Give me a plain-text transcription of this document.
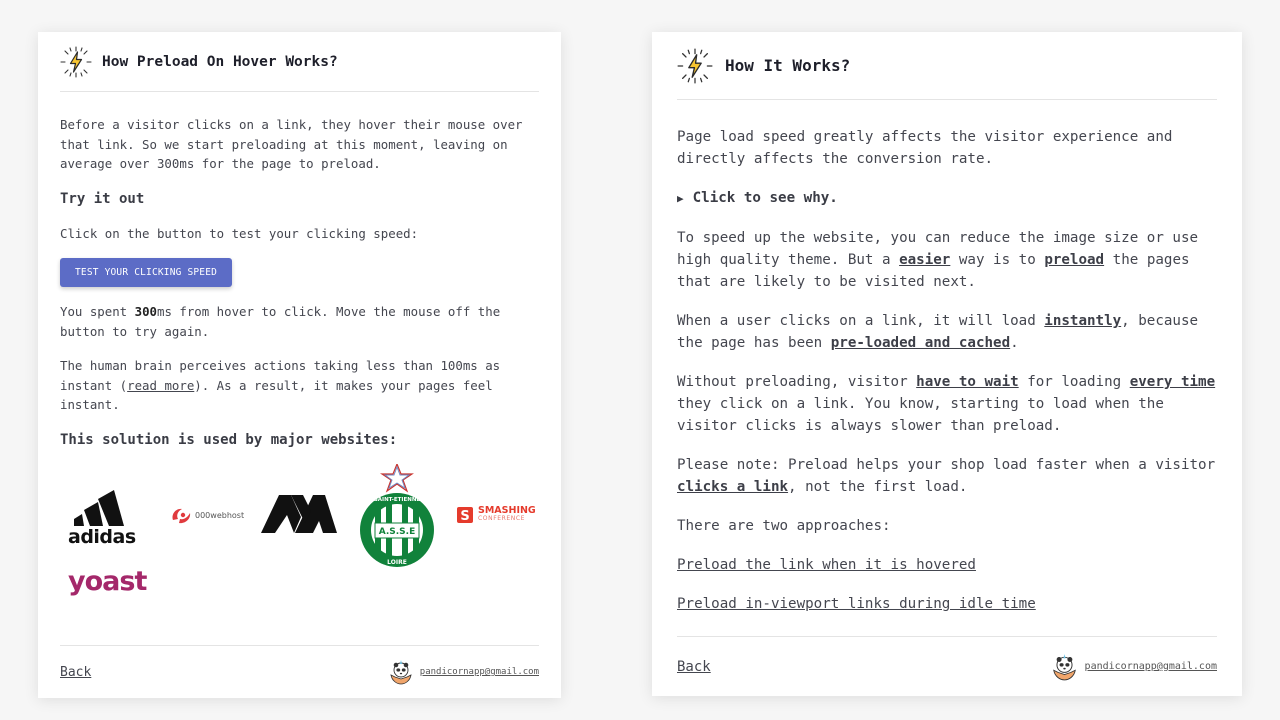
How Preload On Hover Works?

Before a visitor clicks on a link, they hover their mouse over that link. So we start preloading at this moment, leaving on average over 300ms for the page to preload.

Try it out

Click on the button to test your clicking speed:

TEST YOUR CLICKING SPEED

You spent 300ms from hover to click. Move the mouse off the button to try again.

The human brain perceives actions taking less than 100ms as instant (read more). As a result, it makes your pages feel instant.

This solution is used by major websites:
adidas
000webhost
A.S.S.E
SAINT-ETIENNE
LOIRE
S SMASHING
CONFERENCE
yoast
Back	pandicornapp@gmail.com
How It Works?

Page load speed greatly affects the visitor experience and directly affects the conversion rate.

▶ Click to see why.

To speed up the website, you can reduce the image size or use high quality theme. But a easier way is to preload the pages that are likely to be visited next.

When a user clicks on a link, it will load instantly, because the page has been pre-loaded and cached.

Without preloading, visitor have to wait for loading every time they click on a link. You know, starting to load when the visitor clicks is always slower than preload.

Please note: Preload helps your shop load faster when a visitor clicks a link, not the first load.

There are two approaches:

Preload the link when it is hovered

Preload in-viewport links during idle time

Back	pandicornapp@gmail.com
